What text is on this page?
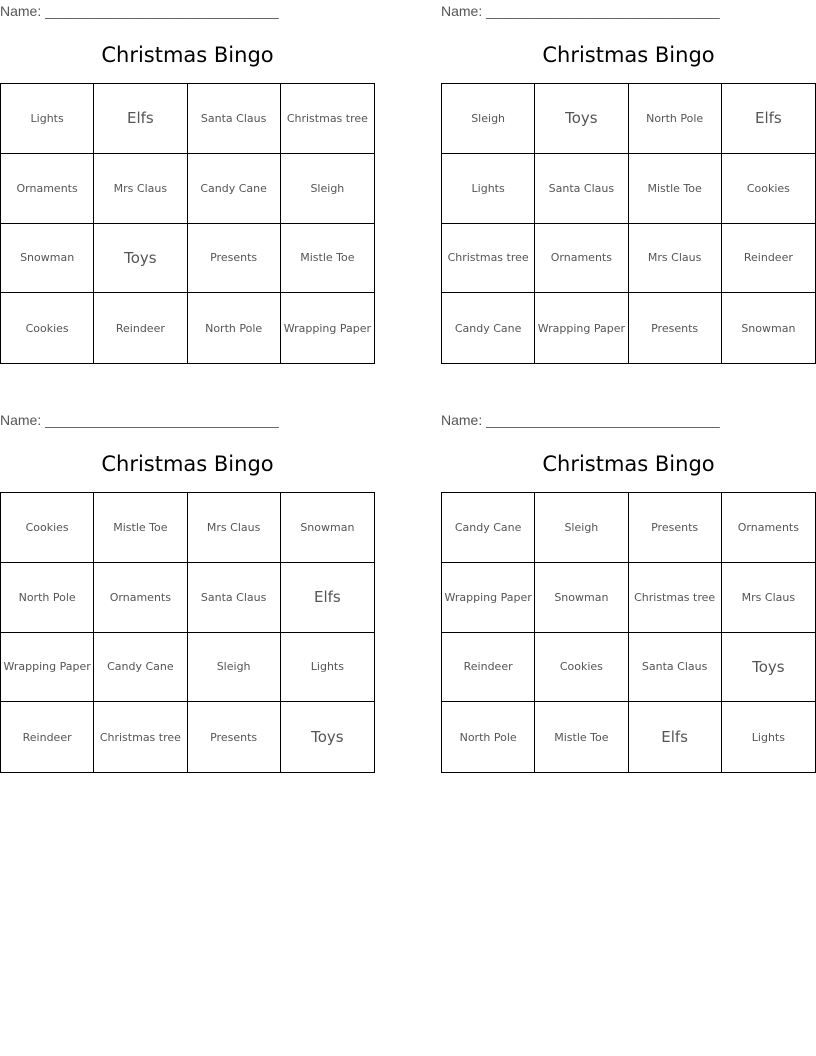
Name: ______________________________
Christmas Bingo
Lights	Elfs	Santa Claus	Christmas tree
Ornaments	Mrs Claus	Candy Cane	Sleigh
Snowman	Toys	Presents	Mistle Toe
Cookies	Reindeer	North Pole	Wrapping Paper
Name: ______________________________
Christmas Bingo
Sleigh	Toys	North Pole	Elfs
Lights	Santa Claus	Mistle Toe	Cookies
Christmas tree	Ornaments	Mrs Claus	Reindeer
Candy Cane	Wrapping Paper	Presents	Snowman
Name: ______________________________
Christmas Bingo
Cookies	Mistle Toe	Mrs Claus	Snowman
North Pole	Ornaments	Santa Claus	Elfs
Wrapping Paper	Candy Cane	Sleigh	Lights
Reindeer	Christmas tree	Presents	Toys
Name: ______________________________
Christmas Bingo
Candy Cane	Sleigh	Presents	Ornaments
Wrapping Paper	Snowman	Christmas tree	Mrs Claus
Reindeer	Cookies	Santa Claus	Toys
North Pole	Mistle Toe	Elfs	Lights
